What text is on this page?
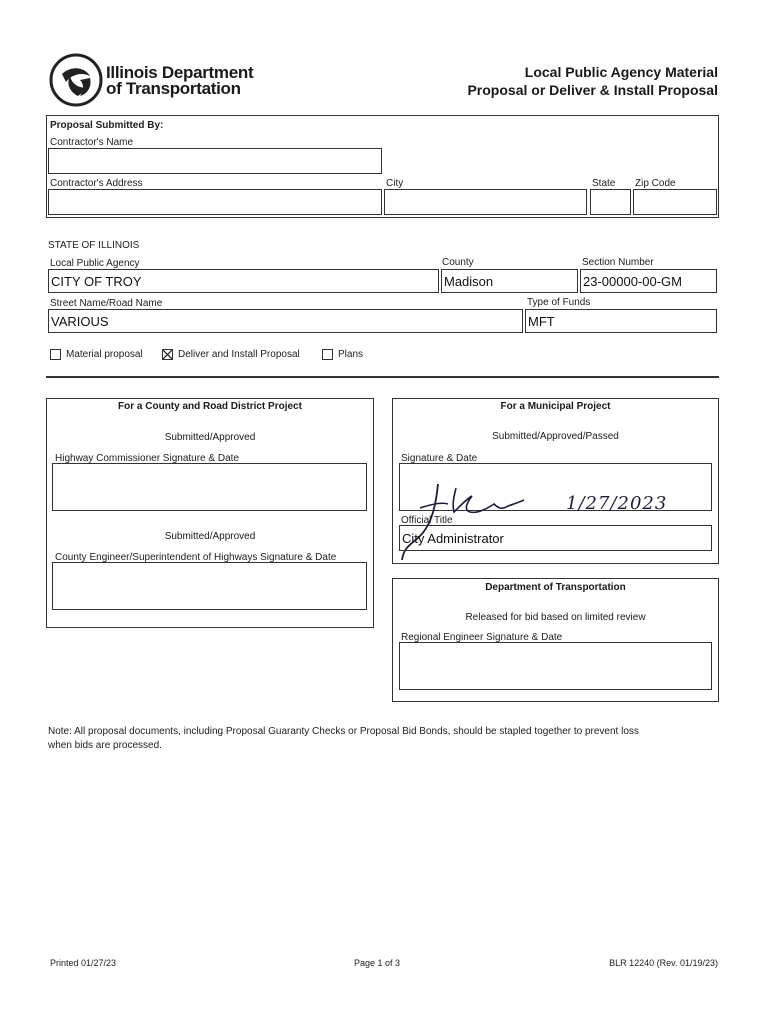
Illinois Department
of Transportation
Local Public Agency Material
Proposal or Deliver & Install Proposal
Proposal Submitted By:
Contractor's Name
Contractor's Address	City	State Zip Code
STATE OF ILLINOIS
Local Public Agency	County	Section Number
CITY OF TROY	Madison	23-00000-00-GM
Street Name/Road Name	Type of Funds
VARIOUS	MFT
Material proposal	Deliver and Install Proposal	Plans
For a County and Road District Project
Submitted/Approved
Highway Commissioner Signature & Date
Submitted/Approved
County Engineer/Superintendent of Highways Signature & Date
For a Municipal Project
Submitted/Approved/Passed
Signature & Date
1/27/2023
Official Title
City Administrator
Department of Transportation
Released for bid based on limited review
Regional Engineer Signature & Date
Note: All proposal documents, including Proposal Guaranty Checks or Proposal Bid Bonds, should be stapled together to prevent loss
when bids are processed.
Printed 01/27/23	Page 1 of 3	BLR 12240 (Rev. 01/19/23)
